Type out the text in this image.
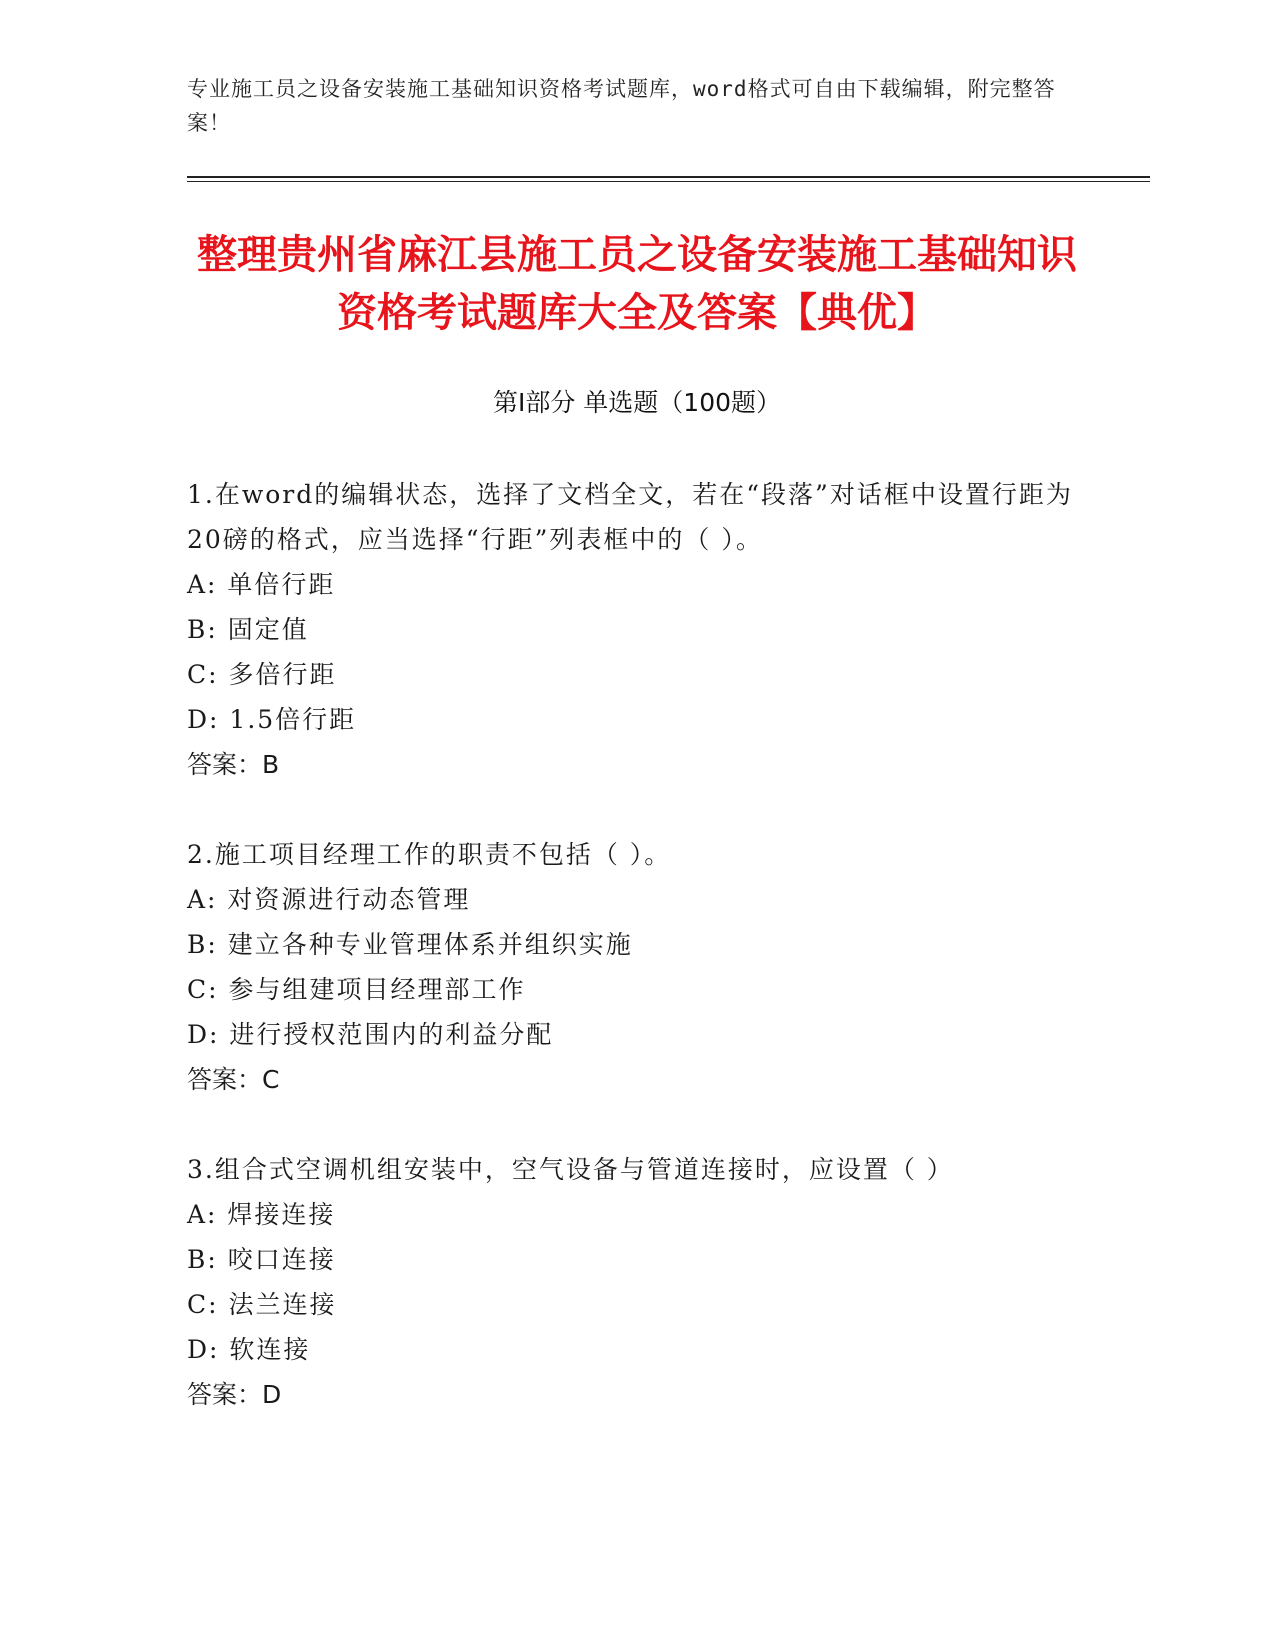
专业施工员之设备安装施工基础知识资格考试题库，word格式可自由下载编辑，附完整答案！
整理贵州省麻江县施工员之设备安装施工基础知识资格考试题库大全及答案【典优】
第Ⅰ部分 单选题（100题）

1.在word的编辑状态，选择了文档全文，若在“段落”对话框中设置行距为20磅的格式，应当选择“行距”列表框中的（ ）。

A: 单倍行距

B: 固定值

C: 多倍行距

D: 1.5倍行距

答案：B

2.施工项目经理工作的职责不包括（ ）。

A: 对资源进行动态管理

B: 建立各种专业管理体系并组织实施

C: 参与组建项目经理部工作

D: 进行授权范围内的利益分配

答案：C

3.组合式空调机组安装中，空气设备与管道连接时，应设置（ ）

A: 焊接连接

B: 咬口连接

C: 法兰连接

D: 软连接

答案：D
